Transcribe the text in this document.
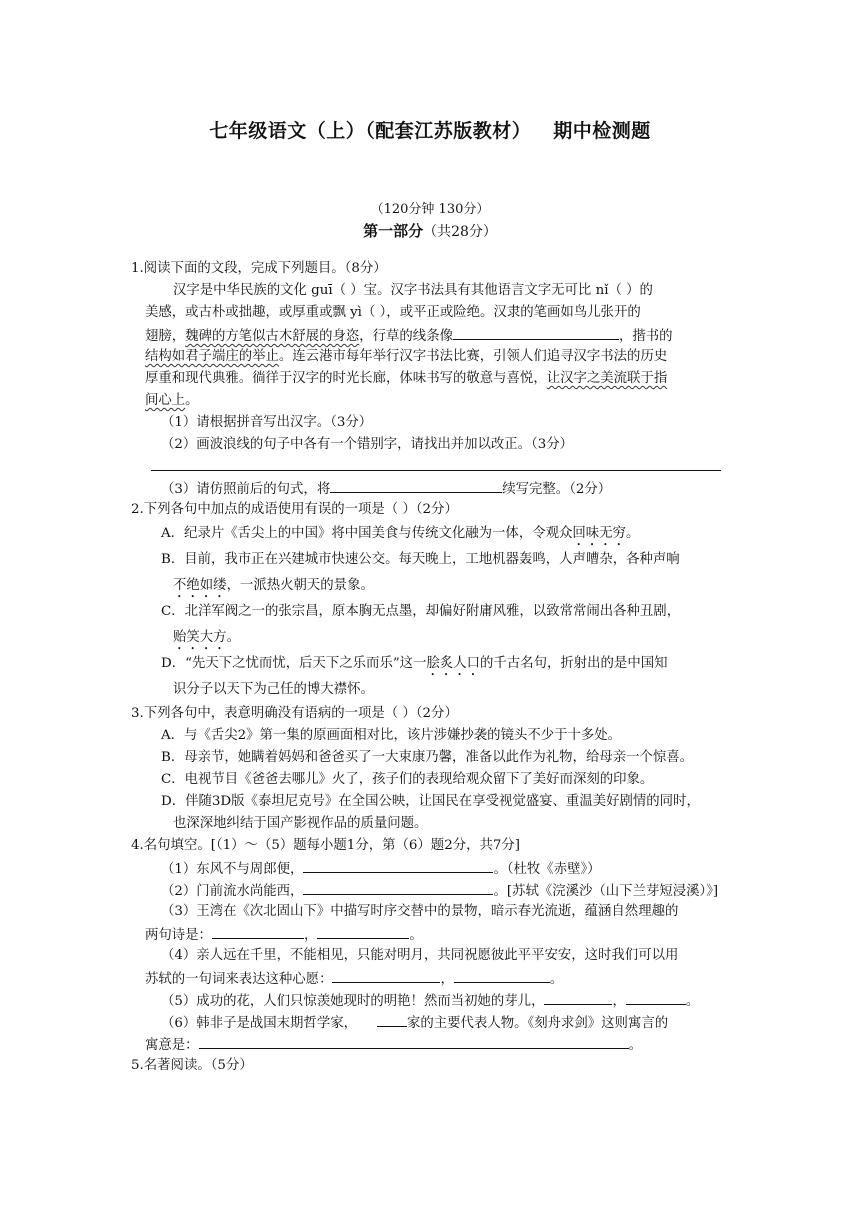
七年级语文（上）（配套江苏版教材） 期中检测题
（120分钟 130分）
第一部分（共28分）
1.阅读下面的文段，完成下列题目。（8分）
汉字是中华民族的文化 guī（ ）宝。汉字书法具有其他语言文字无可比 nǐ（ ）的
美感，或古朴或拙趣，或厚重或飘 yì（ ），或平正或险绝。汉隶的笔画如鸟儿张开的
翅膀，魏碑的方笔似古木舒展的身恣，行草的线条像	，揩书的
结构如君子端庄的举止。连云港市每年举行汉字书法比赛，引领人们追寻汉字书法的历史
厚重和现代典雅。徜徉于汉字的时光长廊，体味书写的敬意与喜悦，让汉字之美流联于指
间心上。
（1）请根据拼音写出汉字。（3分）
（2）画波浪线的句子中各有一个错别字，请找出并加以改正。（3分）
（3）请仿照前后的句式，将	续写完整。（2分）
2.下列各句中加点的成语使用有误的一项是（ ）（2分）
A．纪录片《舌尖上的中国》将中国美食与传统文化融为一体，令观众回味无穷。
B．目前，我市正在兴建城市快速公交。每天晚上，工地机器轰鸣，人声嘈杂，各种声响
不绝如缕，一派热火朝天的景象。
C．北洋军阀之一的张宗昌，原本胸无点墨，却偏好附庸风雅，以致常常闹出各种丑剧，
贻笑大方。
D．“先天下之忧而忧，后天下之乐而乐”这一脍炙人口的千古名句，折射出的是中国知
识分子以天下为己任的博大襟怀。
3.下列各句中，表意明确没有语病的一项是（ ）（2分）
A．与《舌尖2》第一集的原画面相对比，该片涉嫌抄袭的镜头不少于十多处。
B．母亲节，她瞒着妈妈和爸爸买了一大束康乃馨，准备以此作为礼物，给母亲一个惊喜。
C．电视节目《爸爸去哪儿》火了，孩子们的表现给观众留下了美好而深刻的印象。
D．伴随3D版《泰坦尼克号》在全国公映，让国民在享受视觉盛宴、重温美好剧情的同时，
也深深地纠结于国产影视作品的质量问题。
4.名句填空。[（1）～（5）题每小题1分，第（6）题2分，共7分]
（1）东风不与周郎便，	。（杜牧《赤壁》）
（2）门前流水尚能西，	。[苏轼《浣溪沙（山下兰芽短浸溪）》]
（3）王湾在《次北固山下》中描写时序交替中的景物，暗示春光流逝，蕴涵自然理趣的
两句诗是：	，	。
（4）亲人远在千里，不能相见，只能对明月，共同祝愿彼此平平安安，这时我们可以用
苏轼的一句词来表达这种心愿：	，	。
（5）成功的花，人们只惊羡她现时的明艳！然而当初她的芽儿，	，	。
（6）韩非子是战国末期哲学家，	家的主要代表人物。《刻舟求剑》这则寓言的
寓意是：	。
5.名著阅读。（5分）
